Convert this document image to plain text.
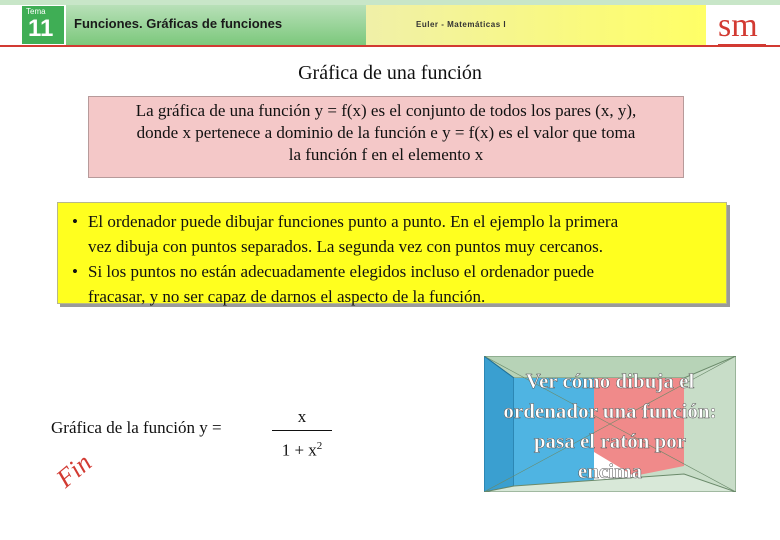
Tema
11 Funciones. Gráficas de funciones	Euler - Matemáticas I	sm
Gráfica de una función
La gráfica de una función y = f(x) es el conjunto de todos los pares (x, y),
donde x pertenece a dominio de la función e y = f(x) es el valor que toma
la función f en el elemento x
• El ordenador puede dibujar funciones punto a punto. En el ejemplo la primera
vez dibuja con puntos separados. La segunda vez con puntos muy cercanos.
• Si los puntos no están adecuadamente elegidos incluso el ordenador puede
fracasar, y no ser capaz de darnos el aspecto de la función.
Gráfica de la función y =
x
$1 + x^2$
Fin
Ver cómo dibuja el
ordenador una función:
pasa el ratón por
encima
